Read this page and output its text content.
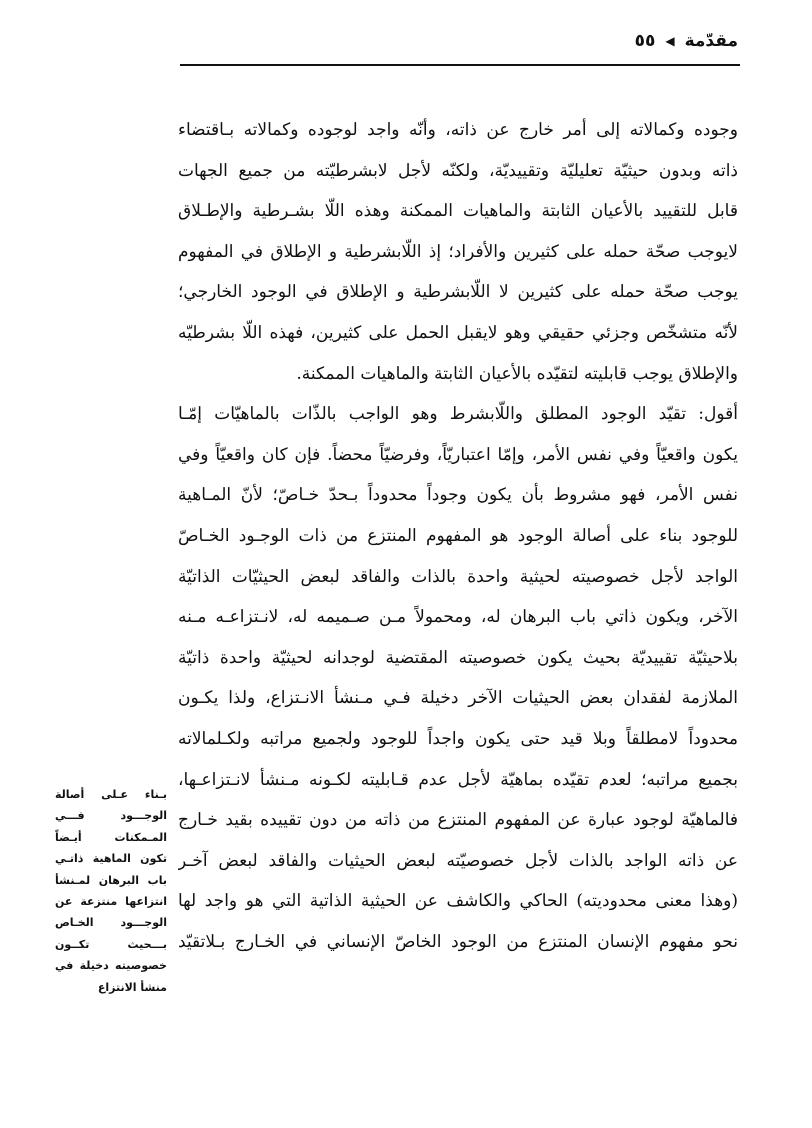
مقدّمة
◀
٥٥
وجوده وكمالاته إلى أمر خارج عن ذاته، وأنّه واجد لوجوده وكمالاته بـاقتضاء
ذاته وبدون حيثيّة تعليليّة وتقييديّة، ولكنّه لأجل لابشرطيّته من جميع الجهات
قابل للتقييد بالأعيان الثابتة والماهيات الممكنة وهذه اللّا بشـرطية والإطـلاق
لايوجب صحّة حمله على كثيرين والأفراد؛ إذ اللّابشرطية و الإطلاق في المفهوم
يوجب صحّة حمله على كثيرين لا اللّابشرطية و الإطلاق في الوجود الخارجي؛
لأنّه متشخّص وجزئي حقيقي وهو لايقبل الحمل على كثيرين، فهذه اللّا بشرطيّه
والإطلاق يوجب قابليته لتقيّده بالأعيان الثابتة والماهيات الممكنة.
أقول: تقيّد الوجود المطلق واللّابشرط وهو الواجب بالذّات بالماهيّات إمّـا
يكون واقعيّاً وفي نفس الأمر، وإمّا اعتباريّاً، وفرضيّاً محضاً. فإن كان واقعيّاً وفي
نفس الأمر، فهو مشروط بأن يكون وجوداً محدوداً بـحدّ خـاصّ؛ لأنّ المـاهية
للوجود بناء على أصالة الوجود هو المفهوم المنتزع من ذات الوجـود الخـاصّ
الواجد لأجل خصوصيته لحيثية واحدة بالذات والفاقد لبعض الحيثيّات الذاتيّة
الآخر، ويكون ذاتي باب البرهان له، ومحمولاً مـن صـميمه له، لانـتزاعـه مـنه
بلاحيثيّة تقييديّة بحيث يكون خصوصيته المقتضية لوجدانه لحيثيّة واحدة ذاتيّة
الملازمة لفقدان بعض الحيثيات الآخر دخيلة فـي مـنشأ الانـتزاع، ولذا يكـون
محدوداً لامطلقاً وبلا قيد حتى يكون واجداً للوجود ولجميع مراتبه ولكـلمالاته
بجميع مراتبه؛ لعدم تقيّده بماهيّة لأجل عدم قـابليته لكـونه مـنشأ لانـتزاعـها،
فالماهيّة لوجود عبارة عن المفهوم المنتزع من ذاته من دون تقييده بقيد خـارج
عن ذاته الواجد بالذات لأجل خصوصيّته لبعض الحيثيات والفاقد لبعض آخـر
(وهذا معنى محدوديته) الحاكي والكاشف عن الحيثية الذاتية التي هو واجد لها
نحو مفهوم الإنسان المنتزع من الوجود الخاصّ الإنساني في الخـارج بـلاتقيّد
بـناء عـلى أصالة
الوجـــود فـــي
المـمكنات أيـضاً
تكون الماهية ذاتـي
باب البرهان لمـنشأ
انتزاعها منتزعة عن
الوجـــود الخـاص
بـــحيث تكــون
خصوصيته دخيلة في
منشأ الانتزاع
